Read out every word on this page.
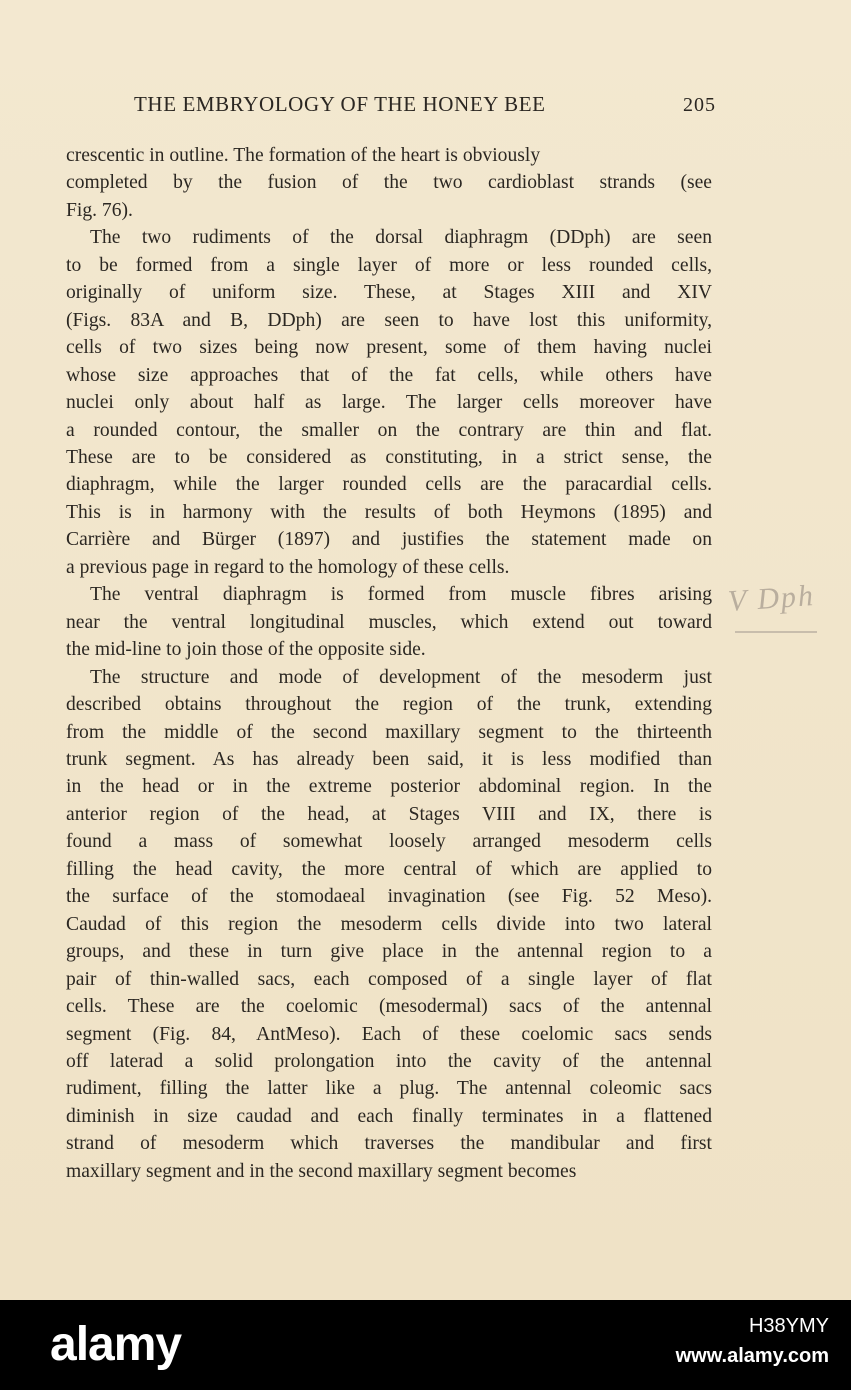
THE EMBRYOLOGY OF THE HONEY BEE	205
crescentic in outline. The formation of the heart is obviously
completed by the fusion of the two cardioblast strands (see
Fig. 76).
The two rudiments of the dorsal diaphragm (DDph) are seen
to be formed from a single layer of more or less rounded cells,
originally of uniform size. These, at Stages XIII and XIV
(Figs. 83A and B, DDph) are seen to have lost this uniformity,
cells of two sizes being now present, some of them having nuclei
whose size approaches that of the fat cells, while others have
nuclei only about half as large. The larger cells moreover have
a rounded contour, the smaller on the contrary are thin and flat.
These are to be considered as constituting, in a strict sense, the
diaphragm, while the larger rounded cells are the paracardial cells.
This is in harmony with the results of both Heymons (1895) and
Carrière and Bürger (1897) and justifies the statement made on
a previous page in regard to the homology of these cells.
The ventral diaphragm is formed from muscle fibres arising
near the ventral longitudinal muscles, which extend out toward
the mid-line to join those of the opposite side.
The structure and mode of development of the mesoderm just
described obtains throughout the region of the trunk, extending
from the middle of the second maxillary segment to the thirteenth
trunk segment. As has already been said, it is less modified than
in the head or in the extreme posterior abdominal region. In the
anterior region of the head, at Stages VIII and IX, there is
found a mass of somewhat loosely arranged mesoderm cells
filling the head cavity, the more central of which are applied to
the surface of the stomodaeal invagination (see Fig. 52 Meso).
Caudad of this region the mesoderm cells divide into two lateral
groups, and these in turn give place in the antennal region to a
pair of thin-walled sacs, each composed of a single layer of flat
cells. These are the coelomic (mesodermal) sacs of the antennal
segment (Fig. 84, AntMeso). Each of these coelomic sacs sends
off laterad a solid prolongation into the cavity of the antennal
rudiment, filling the latter like a plug. The antennal coleomic sacs
diminish in size caudad and each finally terminates in a flattened
strand of mesoderm which traverses the mandibular and first
maxillary segment and in the second maxillary segment becomes
V Dph
alamy	H38YMY
www.alamy.com
